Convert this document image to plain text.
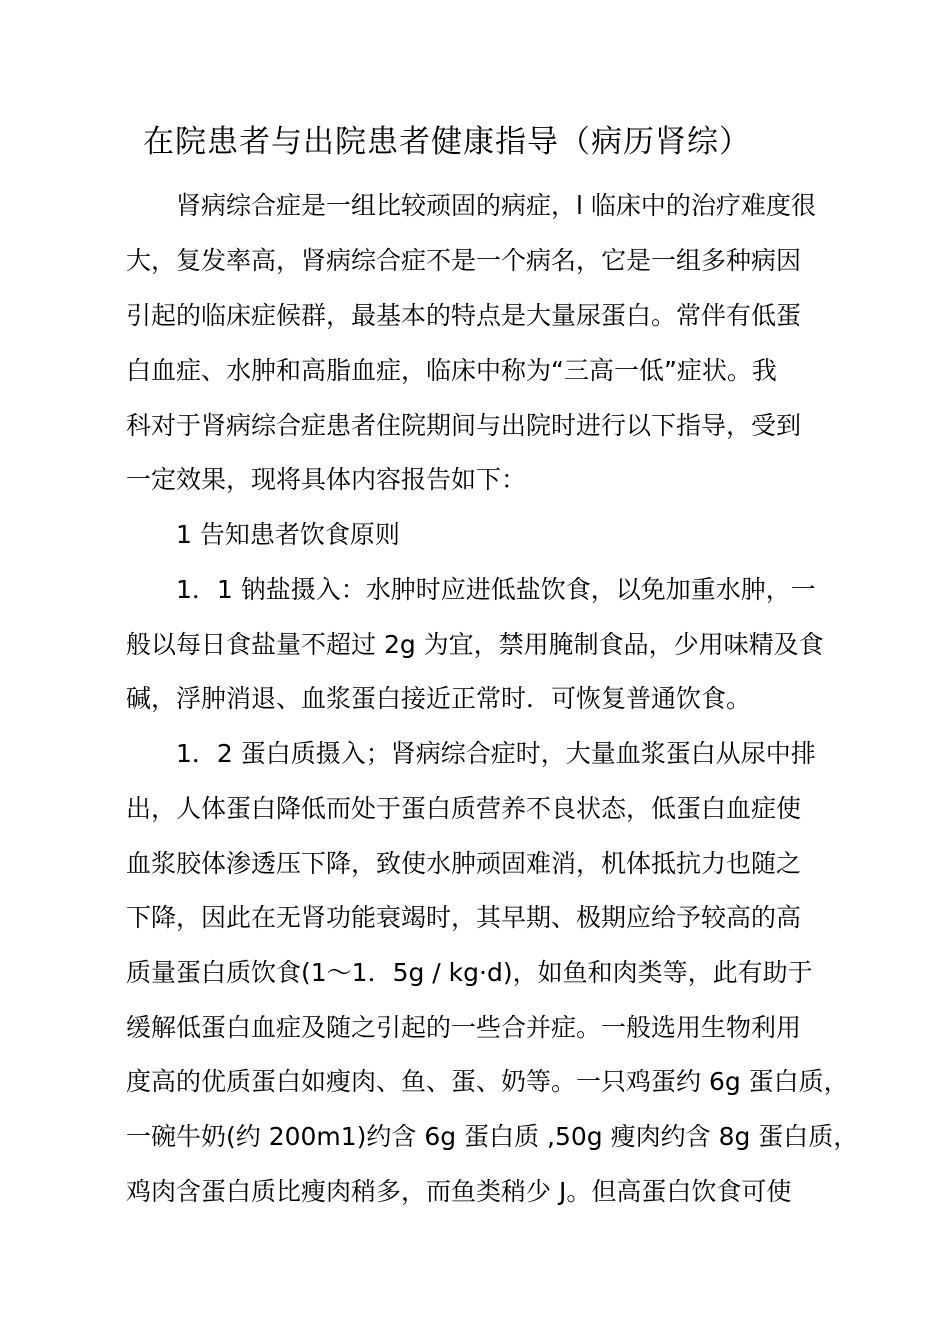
在院患者与出院患者健康指导（病历肾综）
肾病综合症是一组比较顽固的病症，l 临床中的治疗难度很
大，复发率高，肾病综合症不是一个病名，它是一组多种病因
引起的临床症候群，最基本的特点是大量尿蛋白。常伴有低蛋
白血症、水肿和高脂血症，临床中称为“三高一低”症状。我
科对于肾病综合症患者住院期间与出院时进行以下指导，受到
一定效果，现将具体内容报告如下：
1 告知患者饮食原则
1．1 钠盐摄入：水肿时应进低盐饮食，以免加重水肿，一
般以每日食盐量不超过 2g 为宜，禁用腌制食品，少用味精及食
碱，浮肿消退、血浆蛋白接近正常时．可恢复普通饮食。
1．2 蛋白质摄入；肾病综合症时，大量血浆蛋白从尿中排
出，人体蛋白降低而处于蛋白质营养不良状态，低蛋白血症使
血浆胶体渗透压下降，致使水肿顽固难消，机体抵抗力也随之
下降，因此在无肾功能衰竭时，其早期、极期应给予较高的高
质量蛋白质饮食(1～1．5g / kg·d)，如鱼和肉类等，此有助于
缓解低蛋白血症及随之引起的一些合并症。一般选用生物利用
度高的优质蛋白如瘦肉、鱼、蛋、奶等。一只鸡蛋约 6g 蛋白质，
一碗牛奶(约 200m1)约含 6g 蛋白质 ,50g 瘦肉约含 8g 蛋白质，
鸡肉含蛋白质比瘦肉稍多，而鱼类稍少 J。但高蛋白饮食可使
